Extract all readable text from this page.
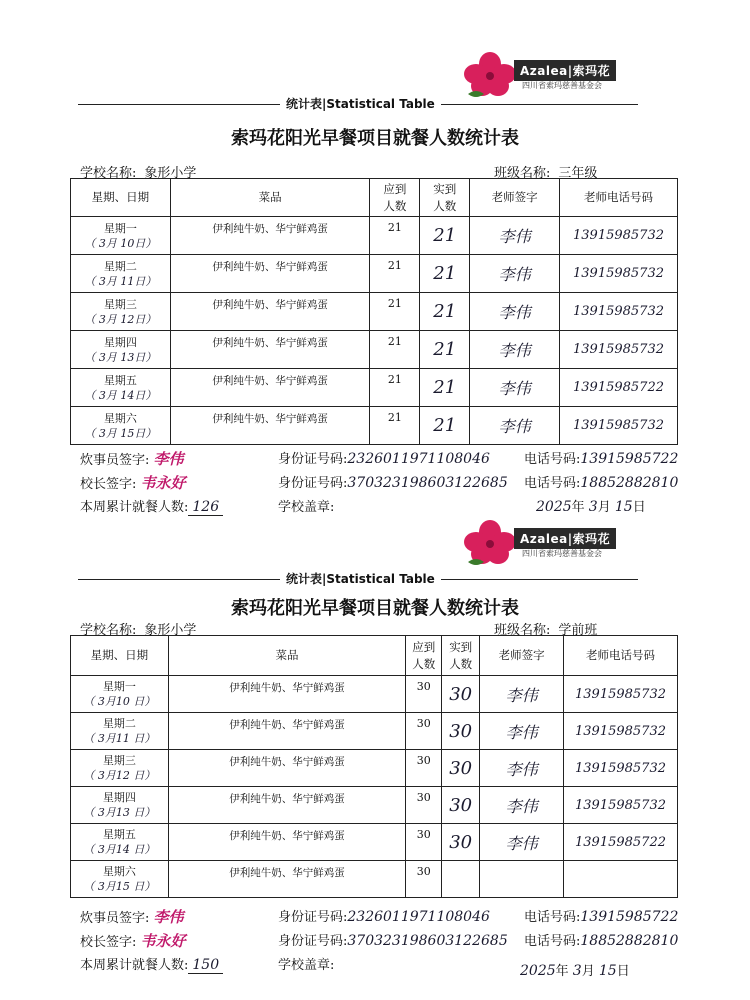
Azalea|索玛花
四川省索玛慈善基金会
统计表|Statistical Table
索玛花阳光早餐项目就餐人数统计表
学校名称: 象形小学	班级名称: 三年级
星期、日期	菜品	应到
人数	实到
人数	老师签字	老师电话号码
星期一
（ 3月 10日）	伊利纯牛奶、华宁鲜鸡蛋	21	21	李伟	13915985732
星期二
（ 3月 11日）	伊利纯牛奶、华宁鲜鸡蛋	21	21	李伟	13915985732
星期三
（ 3月 12日）	伊利纯牛奶、华宁鲜鸡蛋	21	21	李伟	13915985732
星期四
（ 3月 13日）	伊利纯牛奶、华宁鲜鸡蛋	21	21	李伟	13915985732
星期五
（ 3月 14日）	伊利纯牛奶、华宁鲜鸡蛋	21	21	李伟	13915985722
星期六
（ 3月 15日）	伊利纯牛奶、华宁鲜鸡蛋	21	21	李伟	13915985732
炊事员签字: 李伟	身份证号码:2326011971108046	电话号码:13915985722
校长签字: 韦永好	身份证号码:370323198603122685 电话号码:18852882810
本周累计就餐人数: 126	学校盖章:	2025年 3月 15日
Azalea|索玛花
四川省索玛慈善基金会
统计表|Statistical Table
索玛花阳光早餐项目就餐人数统计表
学校名称: 象形小学	班级名称: 学前班
星期、日期	菜品	应到
人数	实到
人数	老师签字	老师电话号码
星期一
（ 3月10 日）	伊利纯牛奶、华宁鲜鸡蛋	30	30	李伟	13915985732
星期二
（ 3月11 日）	伊利纯牛奶、华宁鲜鸡蛋	30	30	李伟	13915985732
星期三
（ 3月12 日）	伊利纯牛奶、华宁鲜鸡蛋	30	30	李伟	13915985732
星期四
（ 3月13 日）	伊利纯牛奶、华宁鲜鸡蛋	30	30	李伟	13915985732
星期五
（ 3月14 日）	伊利纯牛奶、华宁鲜鸡蛋	30	30	李伟	13915985722
星期六
（ 3月15 日）	伊利纯牛奶、华宁鲜鸡蛋	30			
炊事员签字: 李伟	身份证号码:2326011971108046	电话号码:13915985722
校长签字: 韦永好	身份证号码:370323198603122685 电话号码:18852882810
本周累计就餐人数: 150	学校盖章:	2025年 3月 15日
